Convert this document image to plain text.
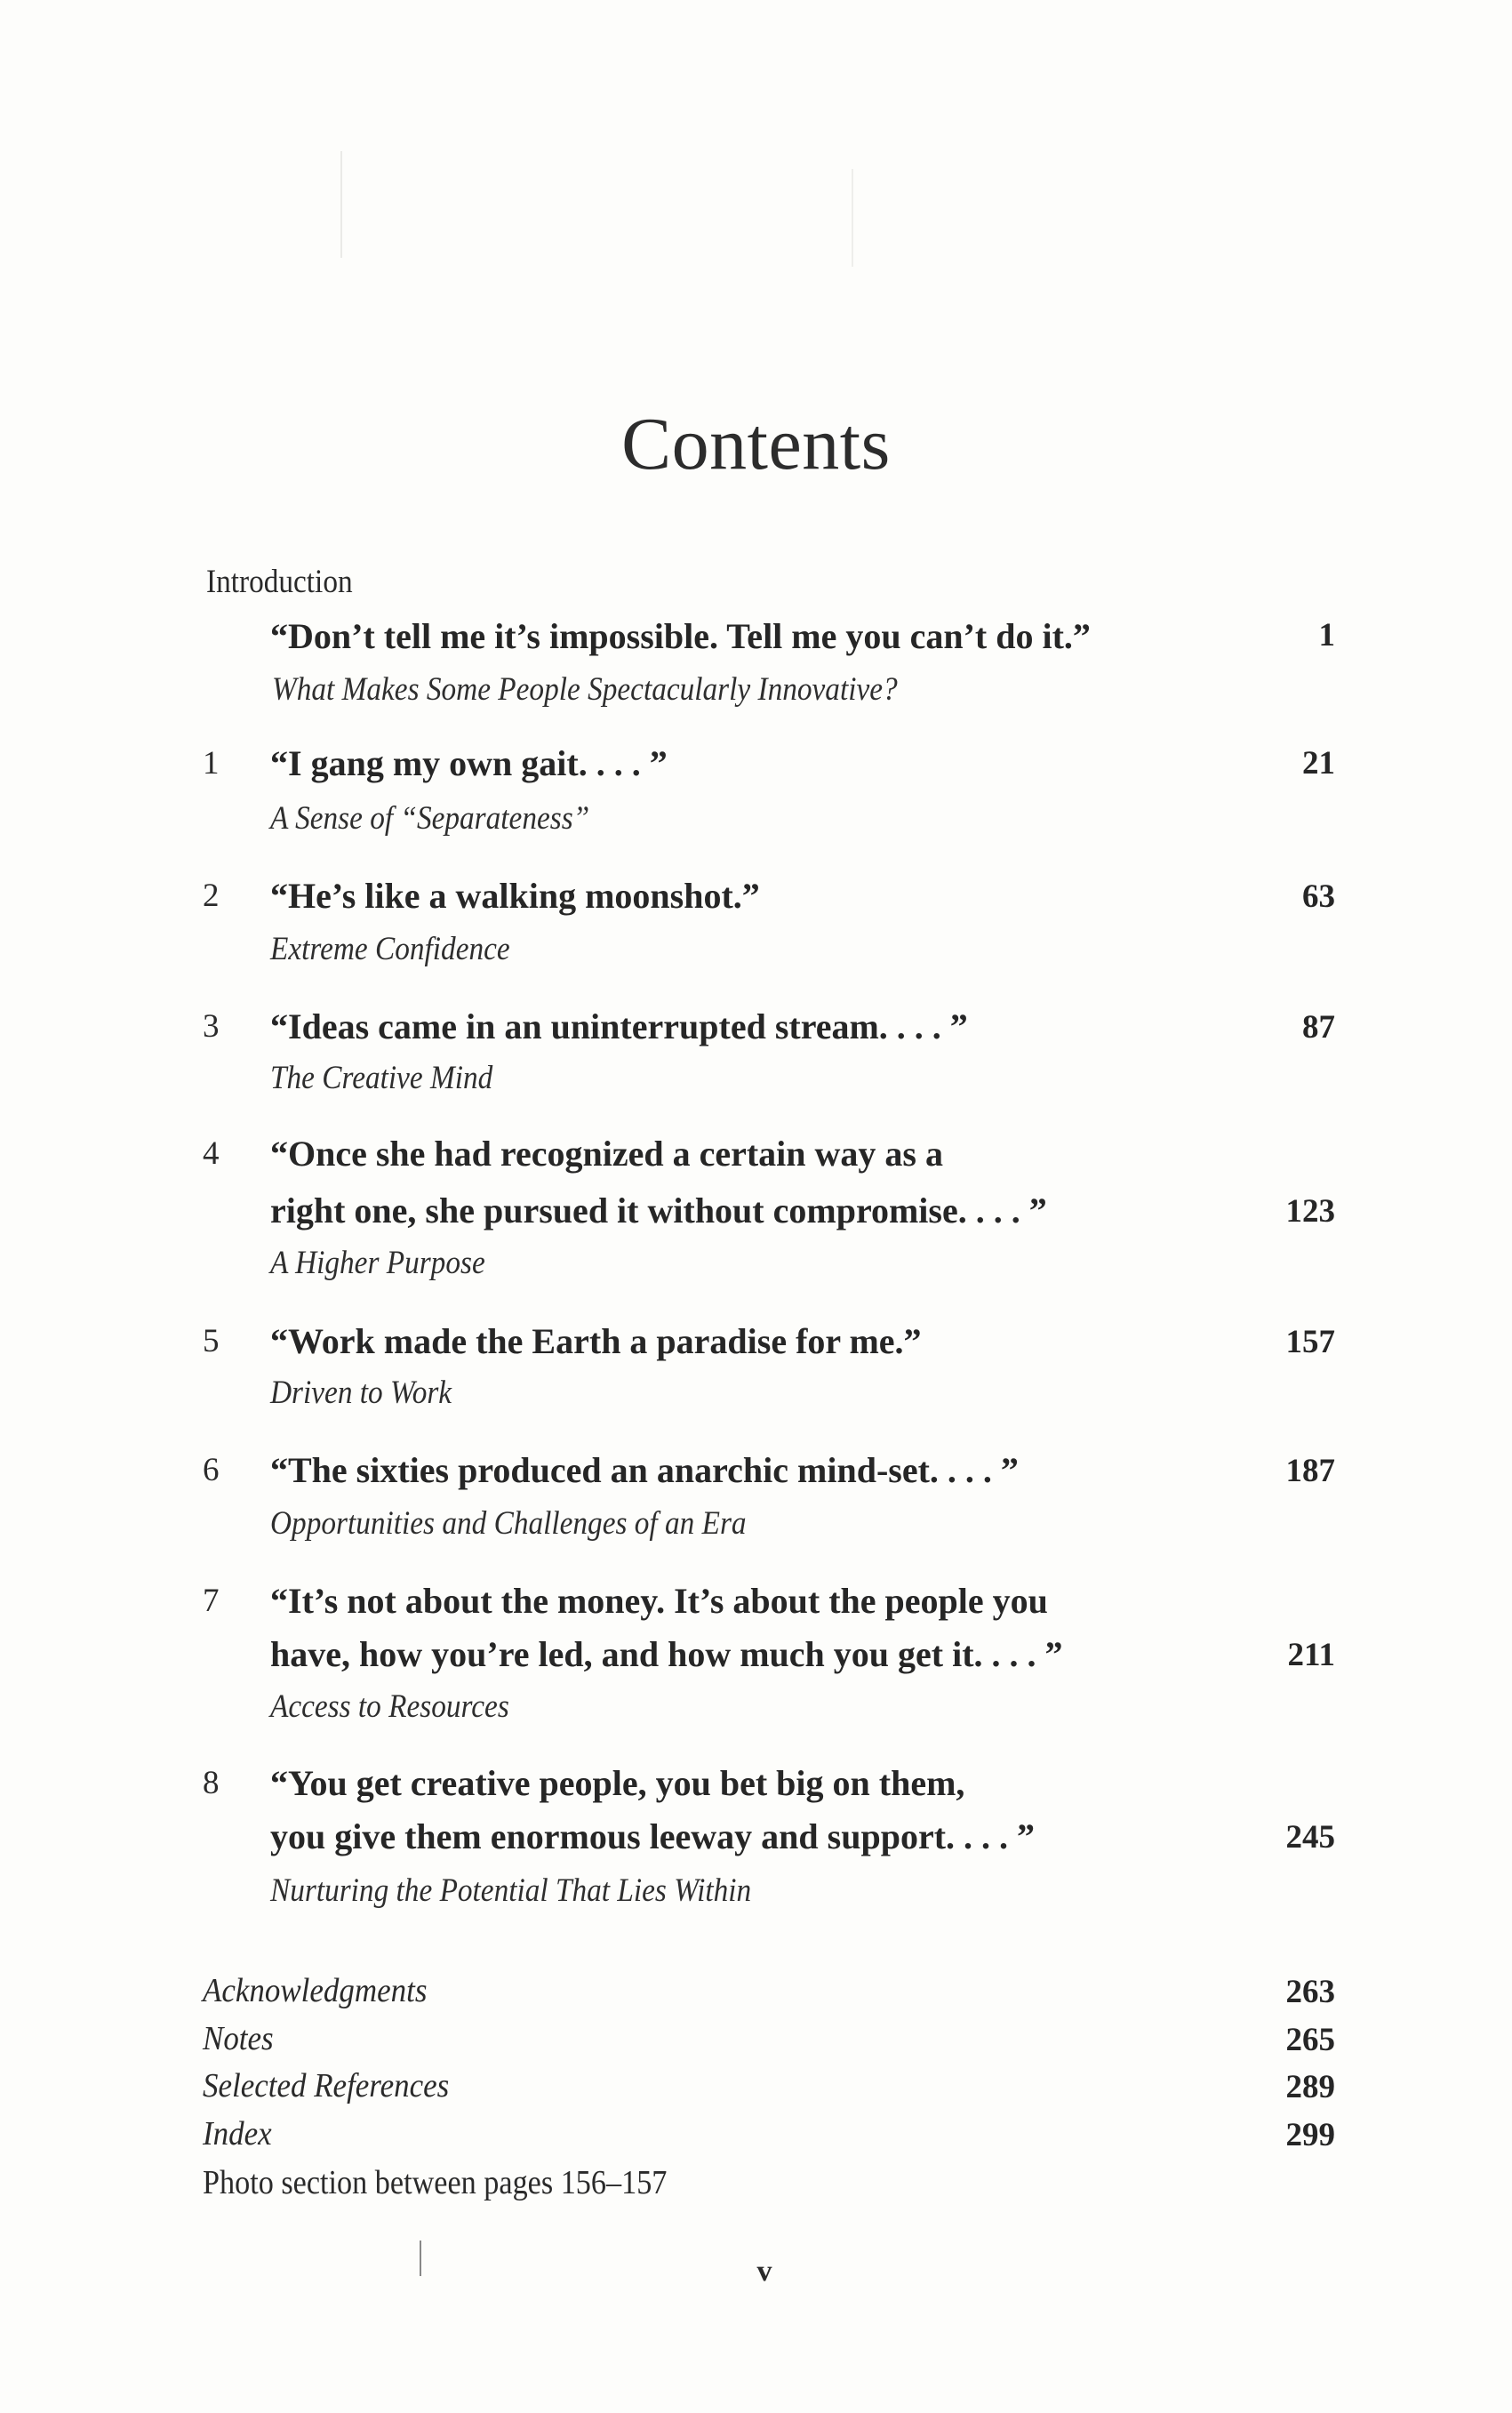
Contents
Introduction
“Don’t tell me it’s impossible. Tell me you can’t do it.”	1
What Makes Some People Spectacularly Innovative?
1 “I gang my own gait. . . . ”	21
A Sense of “Separateness”
2 “He’s like a walking moonshot.”	63
Extreme Confidence
3 “Ideas came in an uninterrupted stream. . . . ”	87
The Creative Mind
4 “Once she had recognized a certain way as a
right one, she pursued it without compromise. . . . ”	123
A Higher Purpose
5 “Work made the Earth a paradise for me.”	157
Driven to Work
6 “The sixties produced an anarchic mind-set. . . . ”	187
Opportunities and Challenges of an Era
7 “It’s not about the money. It’s about the people you
have, how you’re led, and how much you get it. . . . ”	211
Access to Resources
8 “You get creative people, you bet big on them,
you give them enormous leeway and support. . . . ”	245
Nurturing the Potential That Lies Within
Acknowledgments	263
Notes	265
Selected References	289
Index	299
Photo section between pages 156–157
v
